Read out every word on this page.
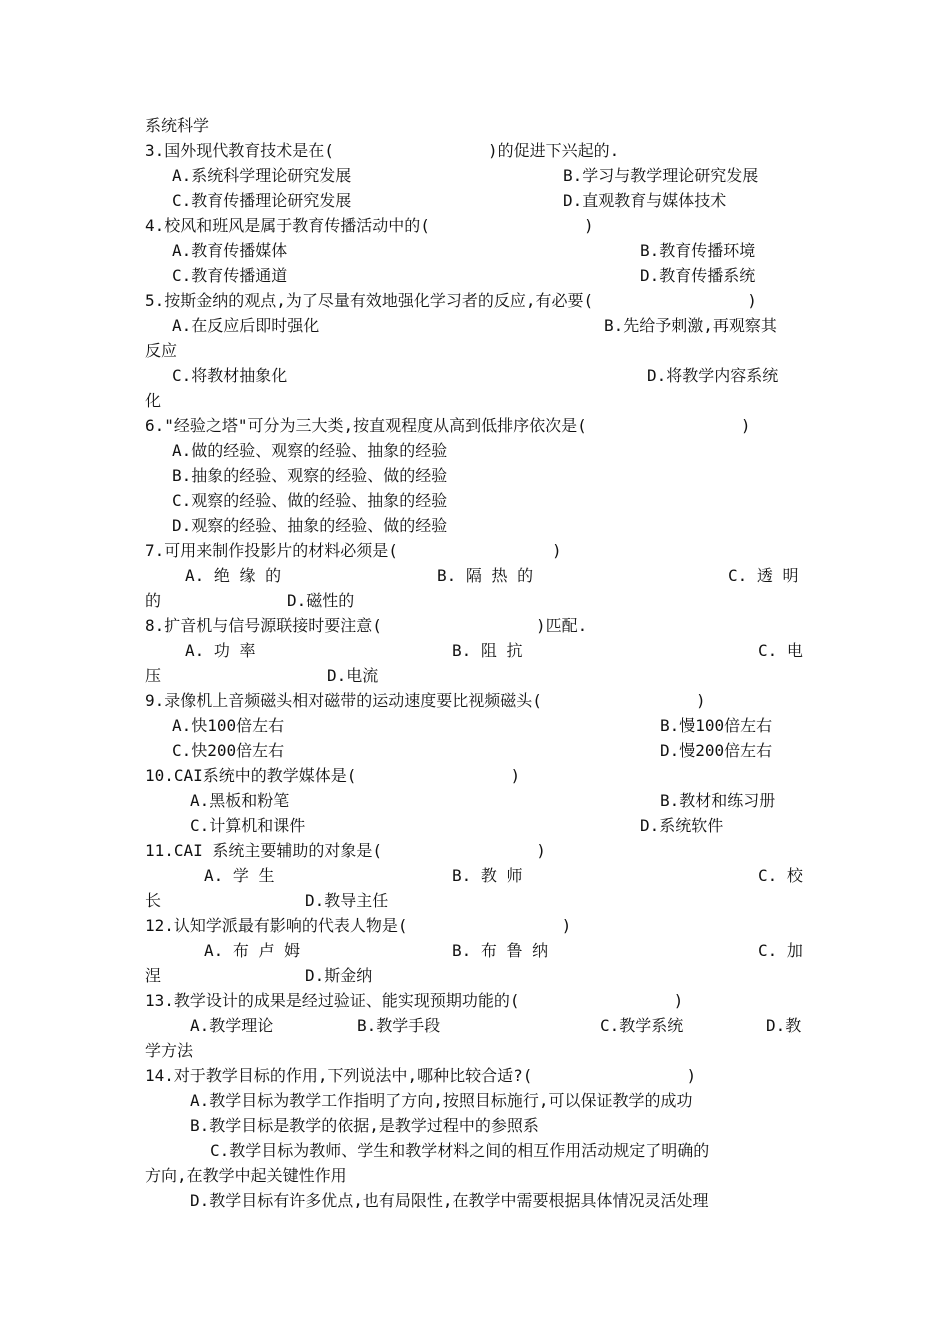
系统科学
3.国外现代教育技术是在(                )的促进下兴起的.
A.系统科学理论研究发展	B.学习与教学理论研究发展
C.教育传播理论研究发展	D.直观教育与媒体技术
4.校风和班风是属于教育传播活动中的(                )
A.教育传播媒体	B.教育传播环境
C.教育传播通道	D.教育传播系统
5.按斯金纳的观点,为了尽量有效地强化学习者的反应,有必要(                )
A.在反应后即时强化	B.先给予刺激,再观察其
反应
C.将教材抽象化	D.将教学内容系统
化
6."经验之塔"可分为三大类,按直观程度从高到低排序依次是(                )
A.做的经验、观察的经验、抽象的经验
B.抽象的经验、观察的经验、做的经验
C.观察的经验、做的经验、抽象的经验
D.观察的经验、抽象的经验、做的经验
7.可用来制作投影片的材料必须是(                )
A. 绝 缘 的	B. 隔 热 的	C. 透 明
的	D.磁性的
8.扩音机与信号源联接时要注意(                )匹配.
A. 功 率	B. 阻 抗	C. 电
压	D.电流
9.录像机上音频磁头相对磁带的运动速度要比视频磁头(                )
A.快100倍左右	B.慢100倍左右
C.快200倍左右	D.慢200倍左右
10.CAI系统中的教学媒体是(                )
A.黑板和粉笔	B.教材和练习册
C.计算机和课件	D.系统软件
11.CAI 系统主要辅助的对象是(                )
A. 学 生	B. 教 师	C. 校
长	D.教导主任
12.认知学派最有影响的代表人物是(                )
A. 布 卢 姆	B. 布 鲁 纳	C. 加
涅	D.斯金纳
13.教学设计的成果是经过验证、能实现预期功能的(                )
A.教学理论	B.教学手段	C.教学系统	D.教
学方法
14.对于教学目标的作用,下列说法中,哪种比较合适?(                )
A.教学目标为教学工作指明了方向,按照目标施行,可以保证教学的成功
B.教学目标是教学的依据,是教学过程中的参照系
C.教学目标为教师、学生和教学材料之间的相互作用活动规定了明确的
方向,在教学中起关键性作用
D.教学目标有许多优点,也有局限性,在教学中需要根据具体情况灵活处理
